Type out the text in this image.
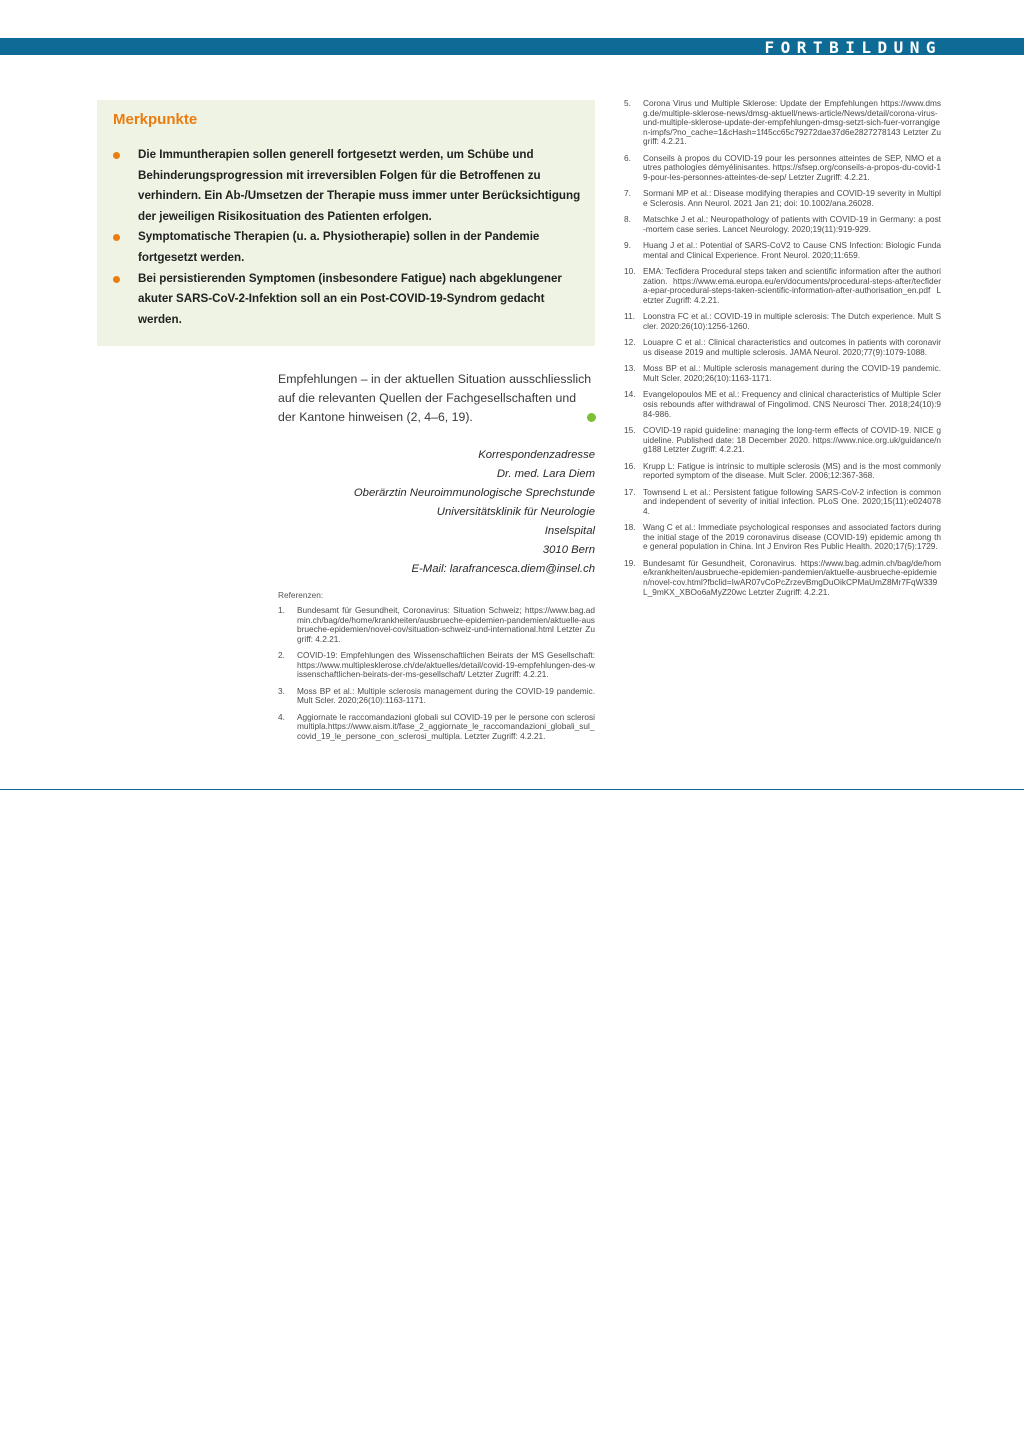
FORTBILDUNG
Merkpunkte
Die Immuntherapien sollen generell fortgesetzt werden, um Schübe und Behinderungsprogression mit irreversiblen Folgen für die Betroffenen zu verhindern. Ein Ab-/Umsetzen der Therapie muss immer unter Berücksichtigung der jeweiligen Risikosituation des Patienten erfolgen.
Symptomatische Therapien (u. a. Physiotherapie) sollen in der Pandemie fortgesetzt werden.
Bei persistierenden Symptomen (insbesondere Fatigue) nach abgeklungener akuter SARS-CoV-2-Infektion soll an ein Post-COVID-19-Syndrom gedacht werden.

Empfehlungen – in der aktuellen Situation ausschliesslich auf die relevanten Quellen der Fachgesellschaften und der Kantone hinweisen (2, 4–6, 19).

Korrespondenzadresse
Dr. med. Lara Diem
Oberärztin Neuroimmunologische Sprechstunde
Universitätsklinik für Neurologie
Inselspital
3010 Bern
E-Mail: larafrancesca.diem@insel.ch
Referenzen:
1. Bundesamt für Gesundheit, Coronavirus: Situation Schweiz; https://www.bag.admin.ch/bag/de/home/krankheiten/ausbrueche-epidemien-pandemien/aktuelle-ausbrueche-epidemien/novel-cov/situation-schweiz-und-international.html Letzter Zugriff: 4.2.21.
2. COVID-19: Empfehlungen des Wissenschaftlichen Beirats der MS Gesellschaft: https://www.multiplesklerose.ch/de/aktuelles/detail/covid-19-empfehlungen-des-wissenschaftlichen-beirats-der-ms-gesellschaft/ Letzter Zugriff: 4.2.21.
3. Moss BP et al.: Multiple sclerosis management during the COVID-19 pandemic. Mult Scler. 2020;26(10):1163-1171.
4. Aggiornate le raccomandazioni globali sul COVID-19 per le persone con sclerosi multipla.https://www.aism.it/fase_2_aggiornate_le_raccomandazioni_globali_sul_covid_19_le_persone_con_sclerosi_multipla. Letzter Zugriff: 4.2.21.
5. Corona Virus und Multiple Sklerose: Update der Empfehlungen https://www.dmsg.de/multiple-sklerose-news/dmsg-aktuell/news-article/News/detail/corona-virus-und-multiple-sklerose-update-der-empfehlungen-dmsg-setzt-sich-fuer-vorrangigen-impfs/?no_cache=1&cHash=1f45cc65c79272dae37d6e2827278143 Letzter Zugriff: 4.2.21.
6. Conseils à propos du COVID-19 pour les personnes atteintes de SEP, NMO et autres pathologies démyélinisantes. https://sfsep.org/conseils-a-propos-du-covid-19-pour-les-personnes-atteintes-de-sep/ Letzter Zugriff: 4.2.21.
7. Sormani MP et al.: Disease modifying therapies and COVID-19 severity in Multiple Sclerosis. Ann Neurol. 2021 Jan 21; doi: 10.1002/ana.26028.
8. Matschke J et al.: Neuropathology of patients with COVID-19 in Germany: a post-mortem case series. Lancet Neurology. 2020;19(11):919-929.
9. Huang J et al.: Potential of SARS-CoV2 to Cause CNS Infection: Biologic Fundamental and Clinical Experience. Front Neurol. 2020;11:659.
10. EMA: Tecfidera Procedural steps taken and scientific information after the authorization. https://www.ema.europa.eu/en/documents/procedural-steps-after/tecfidera-epar-procedural-steps-taken-scientific-information-after-authorisation_en.pdf Letzter Zugriff: 4.2.21.
11. Loonstra FC et al.: COVID-19 in multiple sclerosis: The Dutch experience. Mult Scler. 2020:26(10):1256-1260.
12. Louapre C et al.: Clinical characteristics and outcomes in patients with coronavirus disease 2019 and multiple sclerosis. JAMA Neurol. 2020;77(9):1079-1088.
13. Moss BP et al.: Multiple sclerosis management during the COVID-19 pandemic. Mult Scler. 2020;26(10):1163-1171.
14. Evangelopoulos ME et al.: Frequency and clinical characteristics of Multiple Sclerosis rebounds after withdrawal of Fingolimod. CNS Neurosci Ther. 2018;24(10):984-986.
15. COVID-19 rapid guideline: managing the long-term effects of COVID-19. NICE guideline. Published date: 18 December 2020. https://www.nice.org.uk/guidance/ng188 Letzter Zugriff: 4.2.21.
16. Krupp L: Fatigue is intrinsic to multiple sclerosis (MS) and is the most commonly reported symptom of the disease. Mult Scler. 2006;12:367-368.
17. Townsend L et al.: Persistent fatigue following SARS-CoV-2 infection is common and independent of severity of initial infection. PLoS One. 2020;15(11):e0240784.
18. Wang C et al.: Immediate psychological responses and associated factors during the initial stage of the 2019 coronavirus disease (COVID-19) epidemic among the general population in China. Int J Environ Res Public Health. 2020;17(5):1729.
19. Bundesamt für Gesundheit, Coronavirus. https://www.bag.admin.ch/bag/de/home/krankheiten/ausbrueche-epidemien-pandemien/aktuelle-ausbrueche-epidemien/novel-cov.html?fbclid=IwAR07vCoPcZrzevBmgDuOikCPMaUmZ8Mr7FqW339L_9mKX_XBOo6aMyZ20wc Letzter Zugriff: 4.2.21.
